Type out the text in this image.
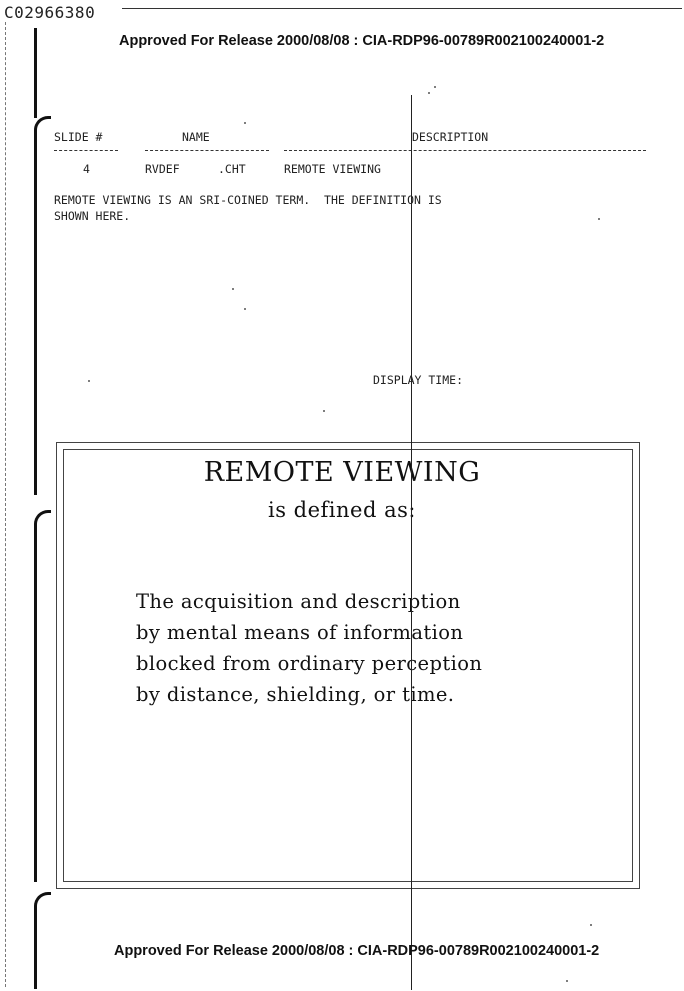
C02966380
Approved For Release 2000/08/08 : CIA-RDP96-00789R002100240001-2
SLIDE #	NAME	DESCRIPTION
4	RVDEF	.CHT	REMOTE VIEWING
REMOTE VIEWING IS AN SRI-COINED TERM.  THE DEFINITION IS
SHOWN HERE.
DISPLAY TIME:
REMOTE VIEWING
is defined as:
The acquisition and description
by mental means of information
blocked from ordinary perception
by distance, shielding, or time.
Approved For Release 2000/08/08 : CIA-RDP96-00789R002100240001-2
